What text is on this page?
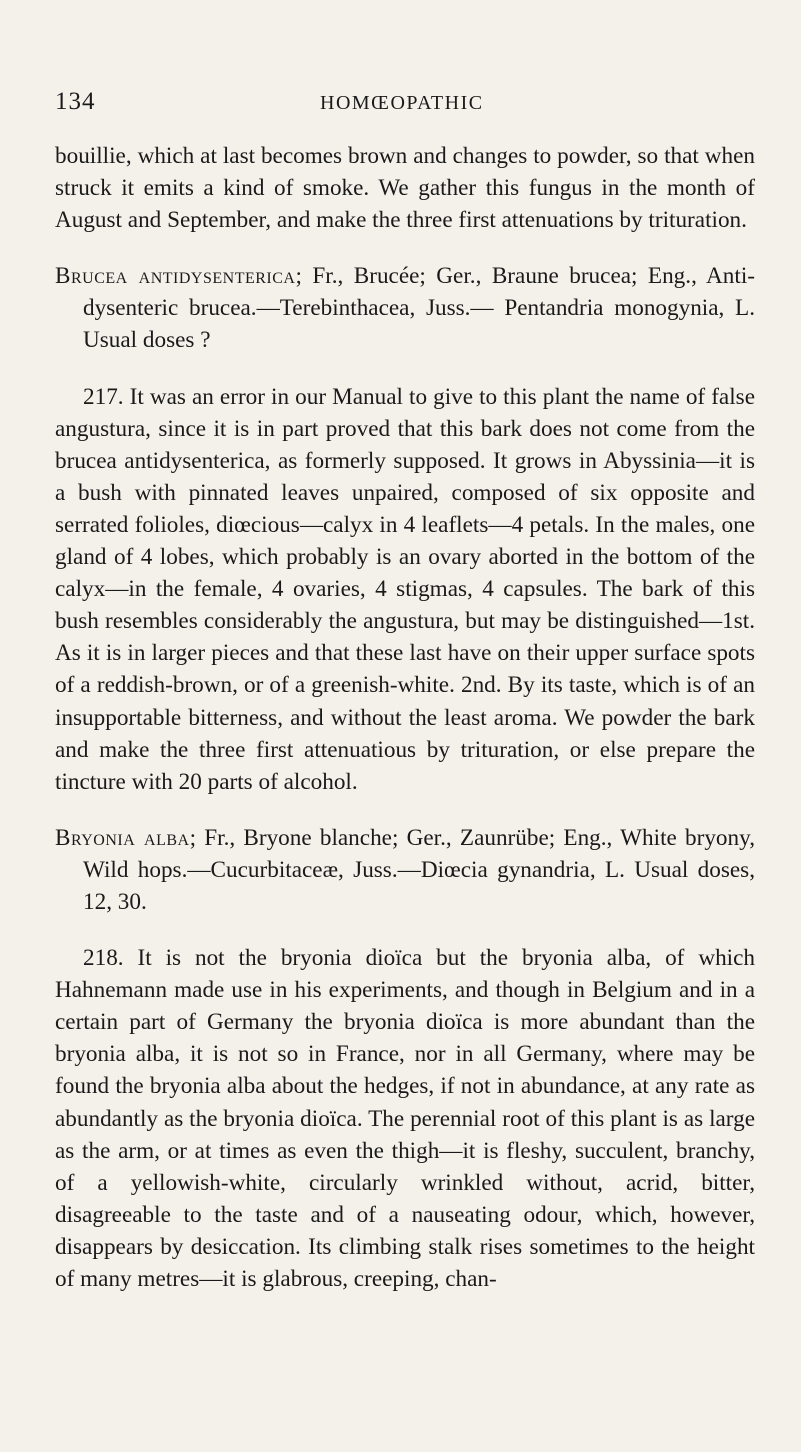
134	HOMŒOPATHIC

bouillie, which at last becomes brown and changes to powder, so that when struck it emits a kind of smoke. We gather this fungus in the month of August and September, and make the three first attenuations by trituration.

Brucea antidysenterica; Fr., Brucée; Ger., Braune brucea; Eng., Anti-dysenteric brucea.—Terebinthacea, Juss.— Pentandria monogynia, L. Usual doses ?

217. It was an error in our Manual to give to this plant the name of false angustura, since it is in part proved that this bark does not come from the brucea antidysenterica, as formerly supposed. It grows in Abyssinia—it is a bush with pinnated leaves unpaired, composed of six opposite and serrated folioles, diœcious—calyx in 4 leaflets—4 petals. In the males, one gland of 4 lobes, which probably is an ovary aborted in the bottom of the calyx—in the female, 4 ovaries, 4 stigmas, 4 capsules. The bark of this bush resembles considerably the angustura, but may be distinguished—1st. As it is in larger pieces and that these last have on their upper surface spots of a reddish-brown, or of a greenish-white. 2nd. By its taste, which is of an insupportable bitterness, and without the least aroma. We powder the bark and make the three first attenuatious by trituration, or else prepare the tincture with 20 parts of alcohol.

Bryonia alba; Fr., Bryone blanche; Ger., Zaunrübe; Eng., White bryony, Wild hops.—Cucurbitaceæ, Juss.—Diœcia gynandria, L. Usual doses, 12, 30.

218. It is not the bryonia dioïca but the bryonia alba, of which Hahnemann made use in his experiments, and though in Belgium and in a certain part of Germany the bryonia dioïca is more abundant than the bryonia alba, it is not so in France, nor in all Germany, where may be found the bryonia alba about the hedges, if not in abundance, at any rate as abundantly as the bryonia dioïca. The perennial root of this plant is as large as the arm, or at times as even the thigh—it is fleshy, succulent, branchy, of a yellowish-white, circularly wrinkled without, acrid, bitter, disagreeable to the taste and of a nauseating odour, which, however, disappears by desiccation. Its climbing stalk rises sometimes to the height of many metres—it is glabrous, creeping, chan-
